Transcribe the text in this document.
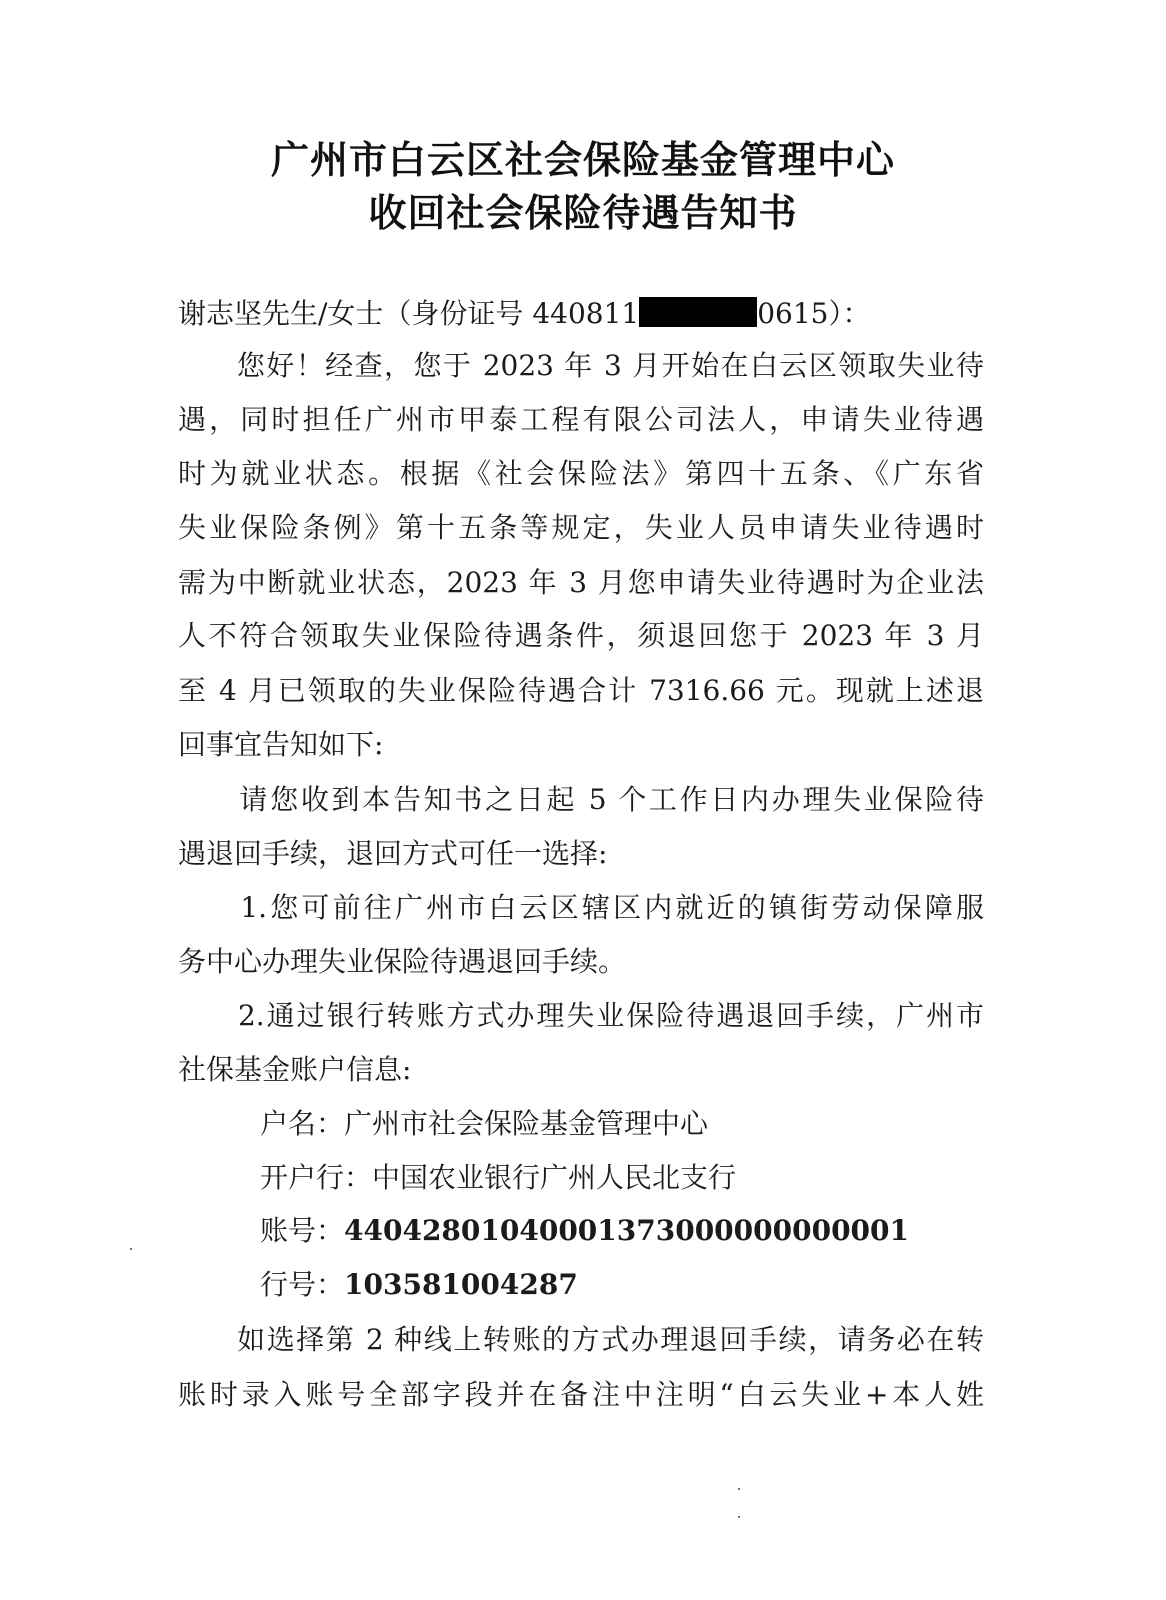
广州市白云区社会保险基金管理中心
收回社会保险待遇告知书
谢志坚先生/女士（身份证号 440811	0615）：
　　您好！经查，您于 2023 年 3 月开始在白云区领取失业待
遇，同时担任广州市甲泰工程有限公司法人，申请失业待遇
时为就业状态。根据《社会保险法》第四十五条、《广东省
失业保险条例》第十五条等规定，失业人员申请失业待遇时
需为中断就业状态，2023 年 3 月您申请失业待遇时为企业法
人不符合领取失业保险待遇条件，须退回您于 2023 年 3 月
至 4 月已领取的失业保险待遇合计 7316.66 元。现就上述退
回事宜告知如下:
　　请您收到本告知书之日起 5 个工作日内办理失业保险待
遇退回手续，退回方式可任一选择:
　　1.您可前往广州市白云区辖区内就近的镇街劳动保障服
务中心办理失业保险待遇退回手续。
　　2.通过银行转账方式办理失业保险待遇退回手续，广州市
社保基金账户信息:
户名：广州市社会保险基金管理中心
开户行：中国农业银行广州人民北支行
账号：44042801040001373000000000001
行号：103581004287
　　如选择第 2 种线上转账的方式办理退回手续，请务必在转
账时录入账号全部字段并在备注中注明“白云失业+本人姓
